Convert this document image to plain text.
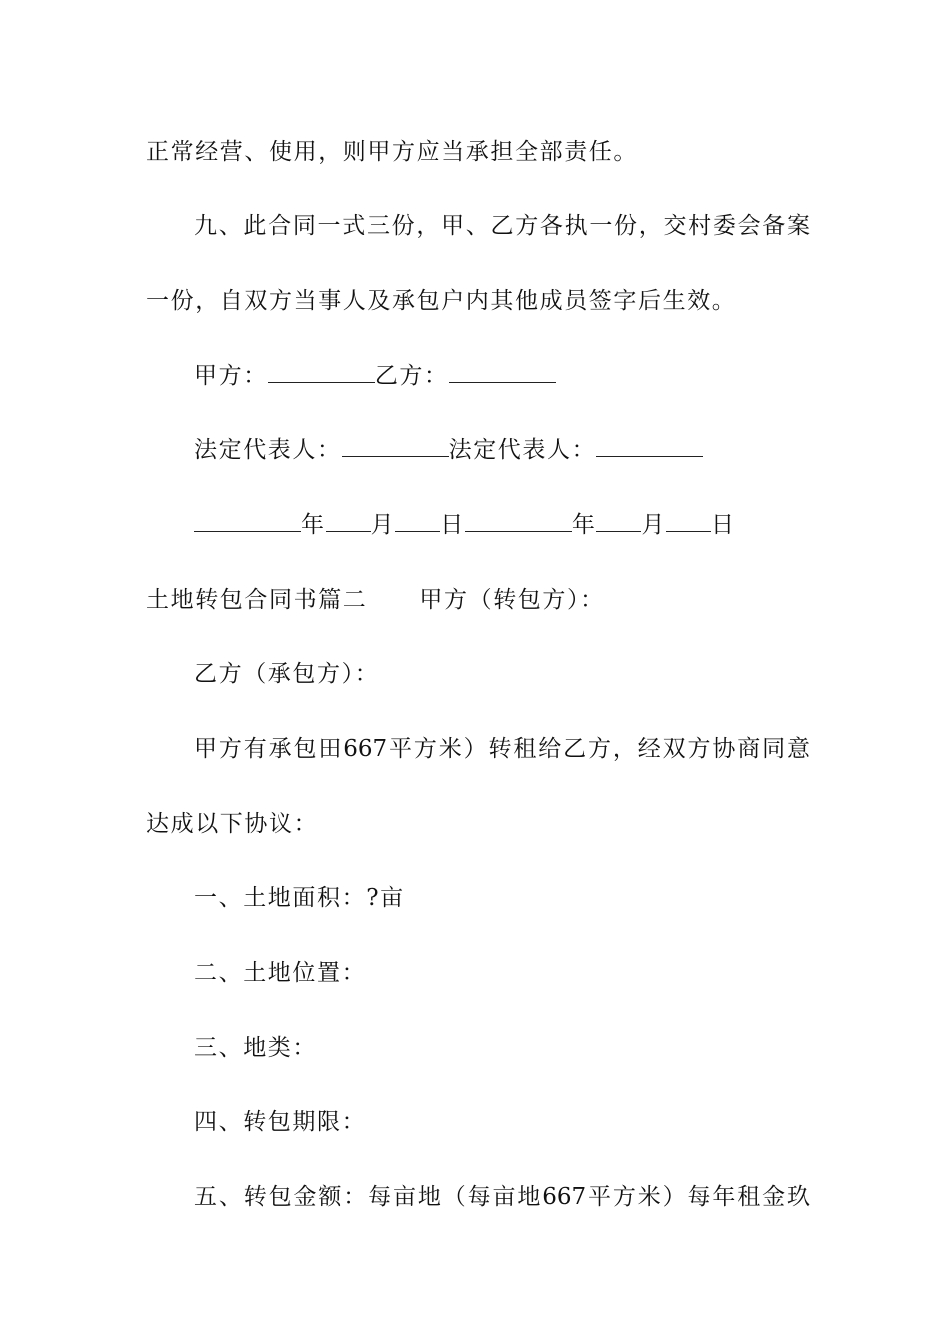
正常经营、使用，则甲方应当承担全部责任。
九、此合同一式三份，甲、乙方各执一份，交村委会备案
一份，自双方当事人及承包户内其他成员签字后生效。
甲方：	乙方：
法定代表人：	法定代表人：
年 月 日	年 月 日
土地转包合同书篇二 甲方（转包方）：
乙方（承包方）：
甲方有承包田667平方米）转租给乙方，经双方协商同意
达成以下协议：
一、土地面积：?亩
二、土地位置：
三、地类：
四、转包期限：
五、转包金额：每亩地（每亩地667平方米）每年租金玖
